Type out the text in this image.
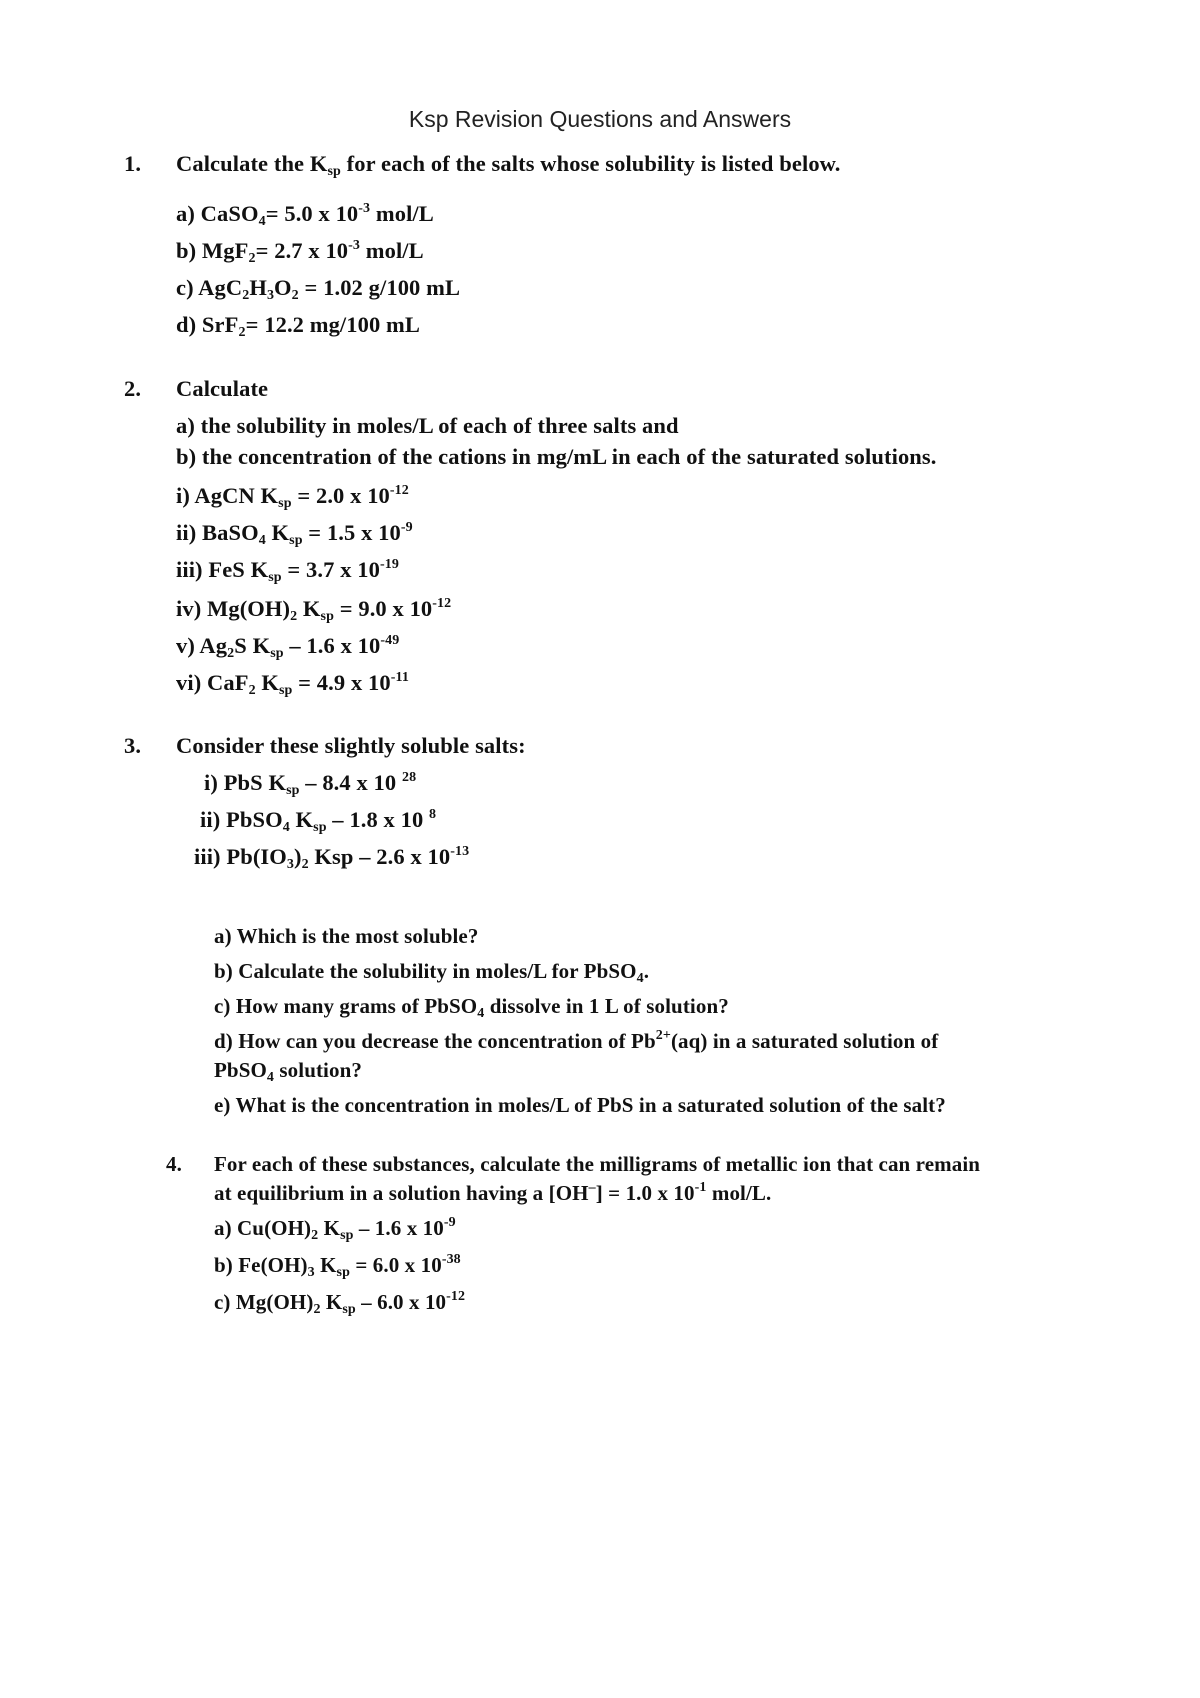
Ksp Revision Questions and Answers
1. Calculate the $K_{sp}$ for each of the salts whose solubility is listed below.
a) CaSO$_4$= 5.0 x $10^{-3}$ mol/L
b) MgF$_2$= 2.7 x $10^{-3}$ mol/L
c) $AgC_2H_3O_2 = 1.02$ g/100 mL
d) SrF$_2$= 12.2 mg/100 mL
2. Calculate
a) the solubility in moles/L of each of three salts and
b) the concentration of the cations in mg/mL in each of the saturated solutions.
i) AgCN $K_{sp} = 2.0$ x $10^{-12}$
ii) BaSO$_4$ $K_{sp} = 1.5$ x $10^{-9}$
iii) FeS $K_{sp} = 3.7$ x $10^{-19}$
iv) $Mg(OH)_2$ $K_{sp} = 9.0$ x $10^{-12}$
v) $Ag_2S$ $K_{sp} - 1.6$ x $10^{-49}$
vi) CaF$_2$ $K_{sp} = 4.9$ x $10^{-11}$
3. Consider these slightly soluble salts:
i) PbS $K_{sp} - 8.4$ x 10 $^{28}$
ii) PbSO$_4$ $K_{sp} - 1.8$ x 10 $^8$
iii) $Pb(IO_3)_2$ Ksp – 2.6 x $10^{-13}$
a) Which is the most soluble?
b) Calculate the solubility in moles/L for PbSO$_4$.
c) How many grams of PbSO$_4$ dissolve in 1 L of solution?
d) How can you decrease the concentration of $Pb^{2+}(aq)$ in a saturated solution of
PbSO$_4$ solution?
e) What is the concentration in moles/L of PbS in a saturated solution of the salt?
4. For each of these substances, calculate the milligrams of metallic ion that can remain
at equilibrium in a solution having a [OH–] = 1.0 x $10^{-1}$ mol/L.
a) $Cu(OH)_2$ $K_{sp} - 1.6$ x $10^{-9}$
b) $Fe(OH)_3$ $K_{sp} = 6.0$ x $10^{-38}$
c) $Mg(OH)_2$ $K_{sp} - 6.0$ x $10^{-12}$
